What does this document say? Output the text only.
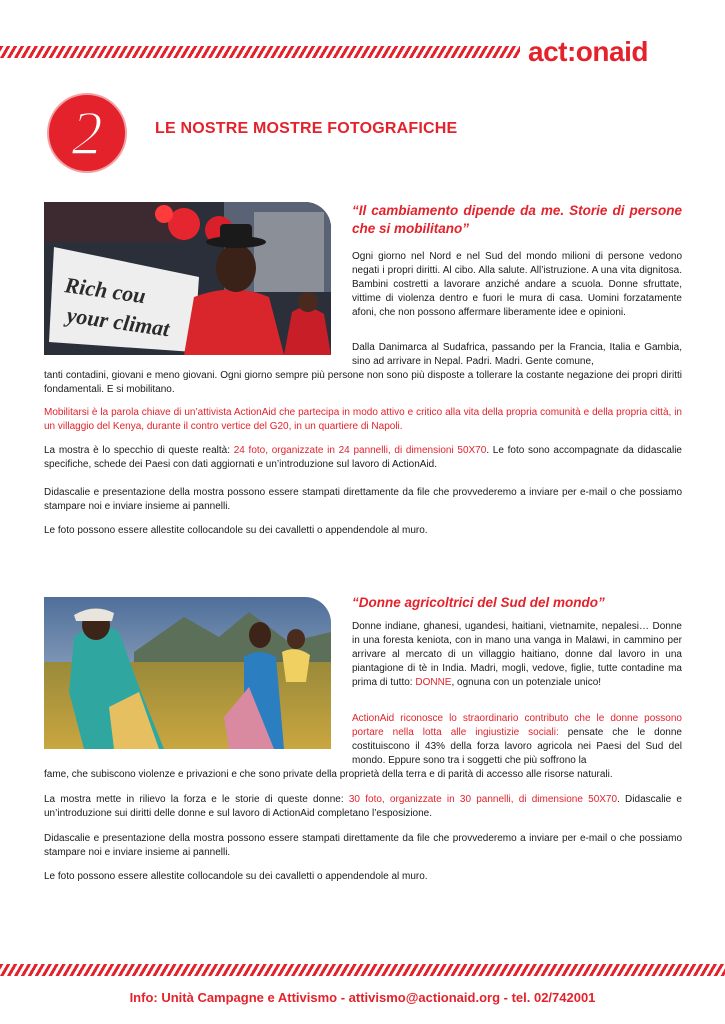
act:onaid
2	LE NOSTRE MOSTRE FOTOGRAFICHE
Rich cou
your climat
“Il cambiamento dipende da me. Storie di persone che si mobilitano”

Ogni giorno nel Nord e nel Sud del mondo milioni di persone vedono negati i propri diritti. Al cibo. Alla salute. All’istruzione. A una vita dignitosa. Bambini costretti a lavorare anziché andare a scuola. Donne sfruttate, vittime di violenza dentro e fuori le mura di casa. Uomini forzatamente afoni, che non possono affermare liberamente idee e opinioni.

Dalla Danimarca al Sudafrica, passando per la Francia, Italia e Gambia, sino ad arrivare in Nepal. Padri. Madri. Gente comune,

tanti contadini, giovani e meno giovani. Ogni giorno sempre più persone non sono più disposte a tollerare la costante negazione dei propri diritti fondamentali. E si mobilitano.

Mobilitarsi è la parola chiave di un’attivista ActionAid che partecipa in modo attivo e critico alla vita della propria comunità e della propria città, in un villaggio del Kenya, durante il contro vertice del G20, in un quartiere di Napoli.

La mostra è lo specchio di queste realtà: 24 foto, organizzate in 24 pannelli, di dimensioni 50X70. Le foto sono accompagnate da didascalie specifiche, schede dei Paesi con dati aggiornati e un’introduzione sul lavoro di ActionAid.

Didascalie e presentazione della mostra possono essere stampati direttamente da file che provvederemo a inviare per e-mail o che possiamo stampare noi e inviare insieme ai pannelli.

Le foto possono essere allestite collocandole su dei cavalletti o appendendole al muro.

“Donne agricoltrici del Sud del mondo”

Donne indiane, ghanesi, ugandesi, haitiani, vietnamite, nepalesi… Donne in una foresta keniota, con in mano una vanga in Malawi, in cammino per arrivare al mercato di un villaggio haitiano, donne dal lavoro in una piantagione di tè in India. Madri, mogli, vedove, figlie, tutte contadine ma prima di tutto: DONNE, ognuna con un potenziale unico!

ActionAid riconosce lo straordinario contributo che le donne possono portare nella lotta alle ingiustizie sociali: pensate che le donne costituiscono il 43% della forza lavoro agricola nei Paesi del Sud del mondo. Eppure sono tra i soggetti che più soffrono la

fame, che subiscono violenze e privazioni e che sono private della proprietà della terra e di parità di accesso alle risorse naturali.

La mostra mette in rilievo la forza e le storie di queste donne: 30 foto, organizzate in 30 pannelli, di dimensione 50X70. Didascalie e un’introduzione sui diritti delle donne e sul lavoro di ActionAid completano l’esposizione.

Didascalie e presentazione della mostra possono essere stampati direttamente da file che provvederemo a inviare per e-mail o che possiamo stampare noi e inviare insieme ai pannelli.

Le foto possono essere allestite collocandole su dei cavalletti o appendendole al muro.

Info: Unità Campagne e Attivismo - attivismo@actionaid.org - tel. 02/742001
